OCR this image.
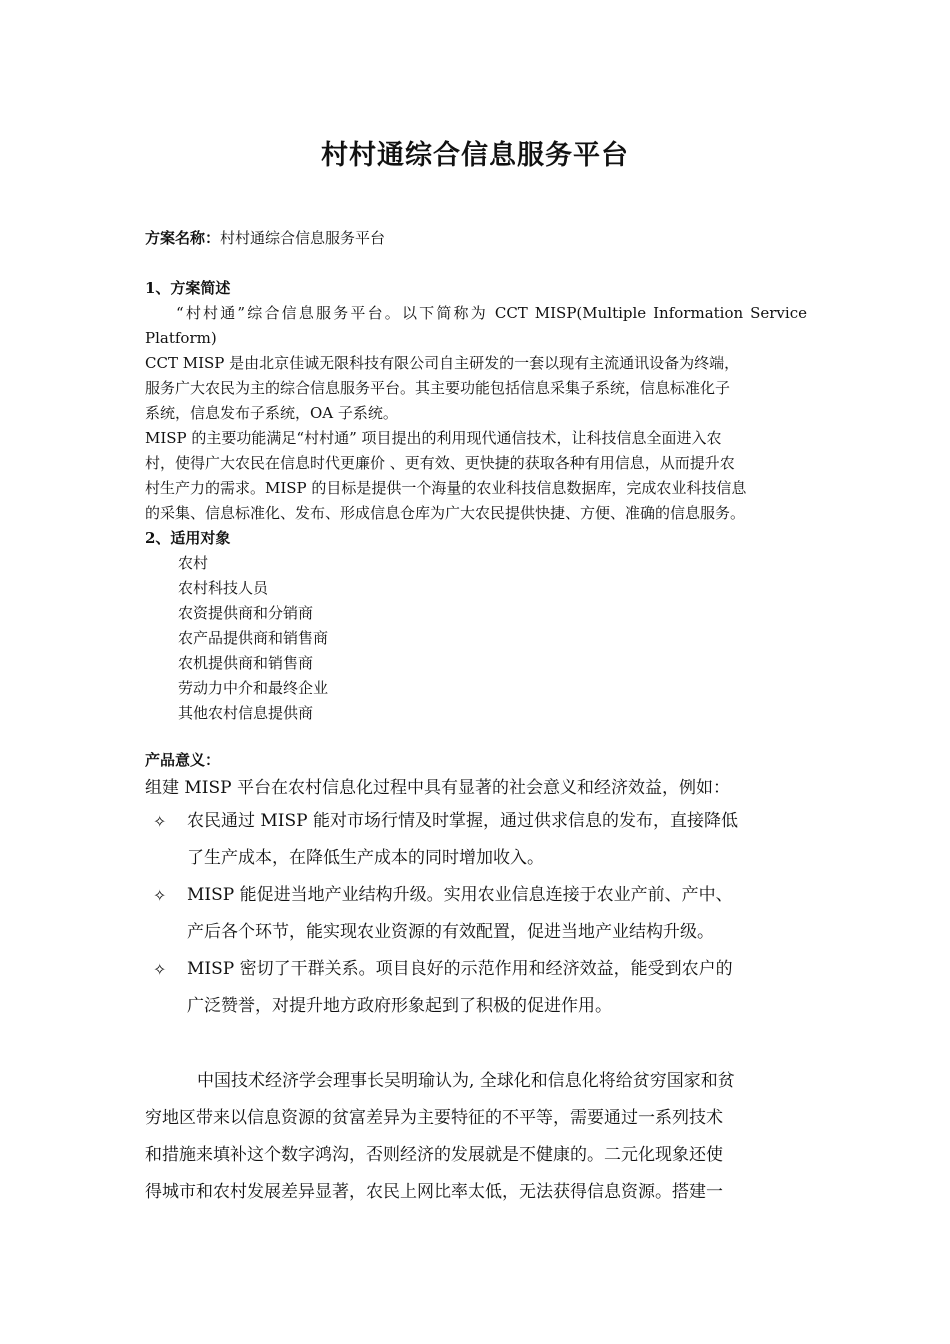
村村通综合信息服务平台

方案名称：村村通综合信息服务平台

1、方案简述

“村村通”综合信息服务平台。以下简称为 CCT MISP(Multiple Information Service

Platform)

CCT MISP 是由北京佳诚无限科技有限公司自主研发的一套以现有主流通讯设备为终端，

服务广大农民为主的综合信息服务平台。其主要功能包括信息采集子系统，信息标准化子

系统，信息发布子系统，OA 子系统。

MISP 的主要功能满足“村村通” 项目提出的利用现代通信技术，让科技信息全面进入农

村，使得广大农民在信息时代更廉价 、更有效、更快捷的获取各种有用信息，从而提升农

村生产力的需求。MISP 的目标是提供一个海量的农业科技信息数据库，完成农业科技信息

的采集、信息标准化、发布、形成信息仓库为广大农民提供快捷、方便、准确的信息服务。

2、适用对象

农村

农村科技人员

农资提供商和分销商

农产品提供商和销售商

农机提供商和销售商

劳动力中介和最终企业

其他农村信息提供商

产品意义：

组建 MISP 平台在农村信息化过程中具有显著的社会意义和经济效益，例如：

✧	农民通过 MISP 能对市场行情及时掌握，通过供求信息的发布，直接降低

了生产成本，在降低生产成本的同时增加收入。

✧	MISP 能促进当地产业结构升级。实用农业信息连接于农业产前、产中、

产后各个环节，能实现农业资源的有效配置，促进当地产业结构升级。

✧	MISP 密切了干群关系。项目良好的示范作用和经济效益，能受到农户的

广泛赞誉，对提升地方政府形象起到了积极的促进作用。

中国技术经济学会理事长吴明瑜认为, 全球化和信息化将给贫穷国家和贫
穷地区带来以信息资源的贫富差异为主要特征的不平等，需要通过一系列技术
和措施来填补这个数字鸿沟，否则经济的发展就是不健康的。二元化现象还使
得城市和农村发展差异显著，农民上网比率太低，无法获得信息资源。搭建一
